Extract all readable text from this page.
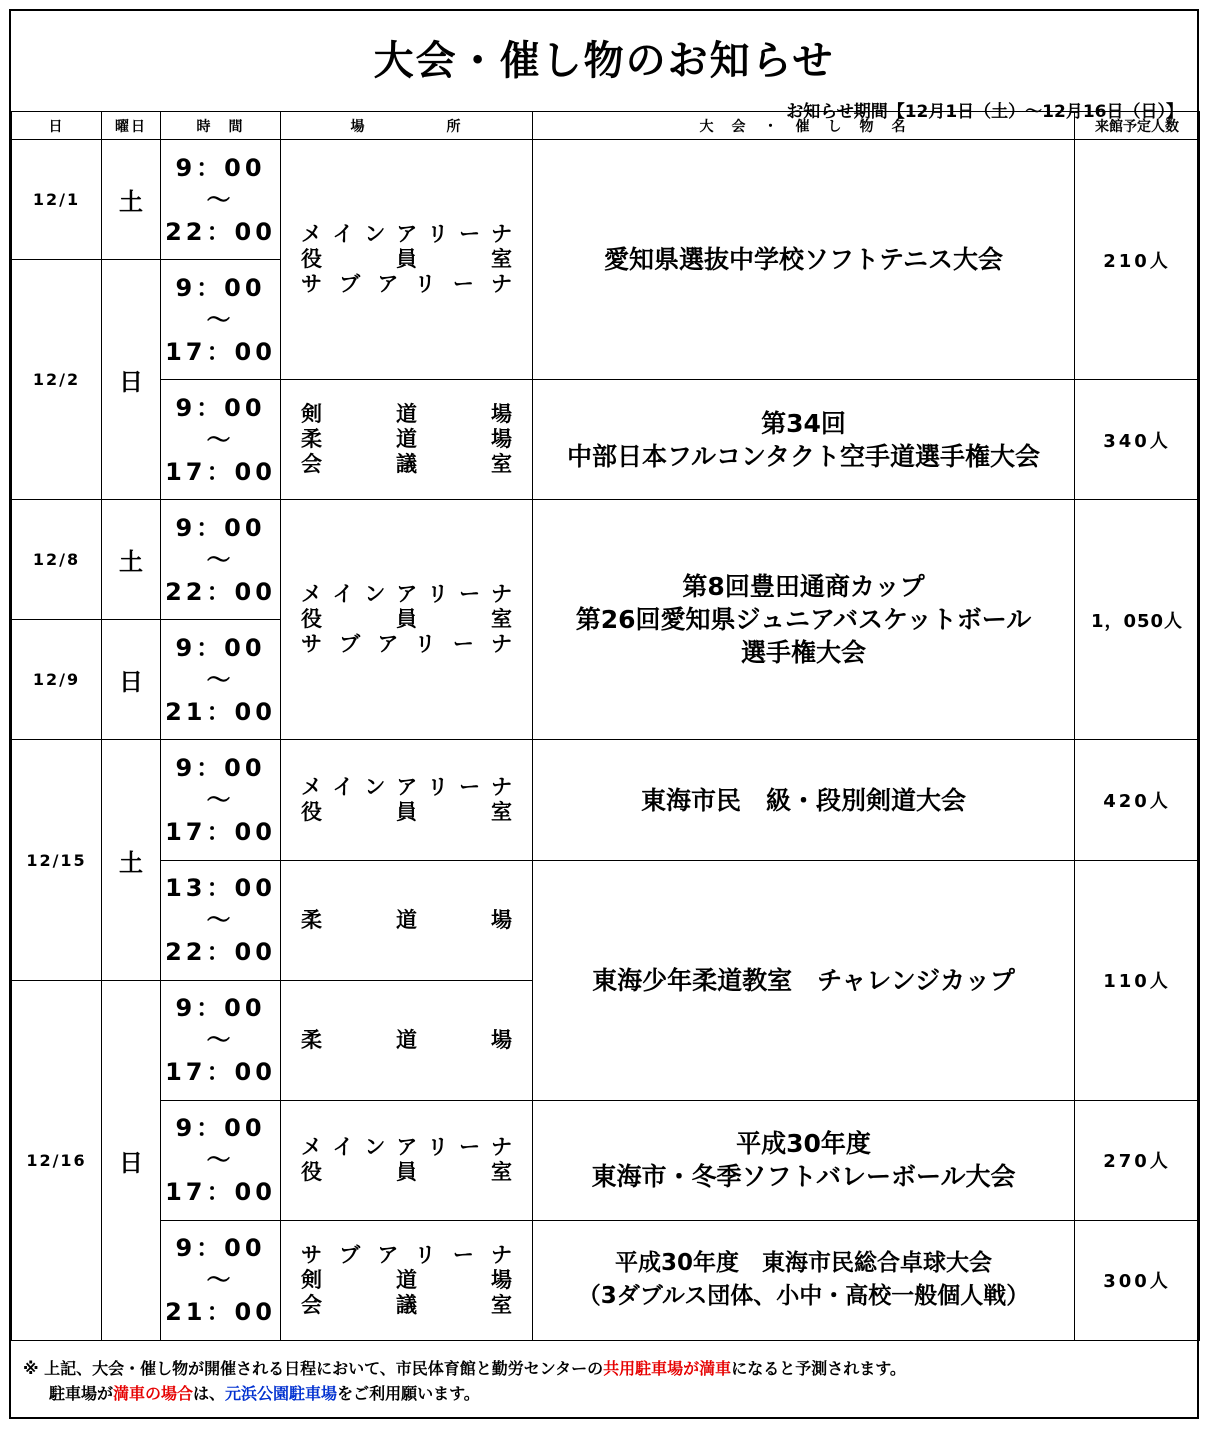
大会・催し物のお知らせ
お知らせ期間【12月1日（土）～12月16日（日）】
日	曜日	時　間	場　　　　　所	大　会　・　催　し　物　名	来館予定人数
12/1	土	9：00
～
22：00	メインアリーナ
役員室
サブアリーナ	愛知県選抜中学校ソフトテニス大会	210人
12/2	日	9：00
～
17：00			

		9：00
～
17：00	剣道場
柔道場
会議室	第34回
中部日本フルコンタクト空手道選手権大会	340人
12/8	土	9：00
～
22：00	メインアリーナ
役員室
サブアリーナ	第8回豊田通商カップ
第26回愛知県ジュニアバスケットボール
選手権大会	1，050人
12/9	日	9：00
～
21：00			

12/15	土	9：00
～
17：00	メインアリーナ
役員室	東海市民　級・段別剣道大会	420人

		13：00
～
22：00	柔道場	東海少年柔道教室　チャレンジカップ	110人
12/16	日	9：00
～
17：00	柔道場		

		9：00
～
17：00	メインアリーナ
役員室	平成30年度
東海市・冬季ソフトバレーボール大会	270人

		9：00
～
21：00	サブアリーナ
剣道場
会議室	平成30年度　東海市民総合卓球大会
（3ダブルス団体、小中・高校一般個人戦）	300人
※ 上記、大会・催し物が開催される日程において、市民体育館と勤労センターの共用駐車場が満車になると予測されます。
駐車場が満車の場合は、元浜公園駐車場をご利用願います。
